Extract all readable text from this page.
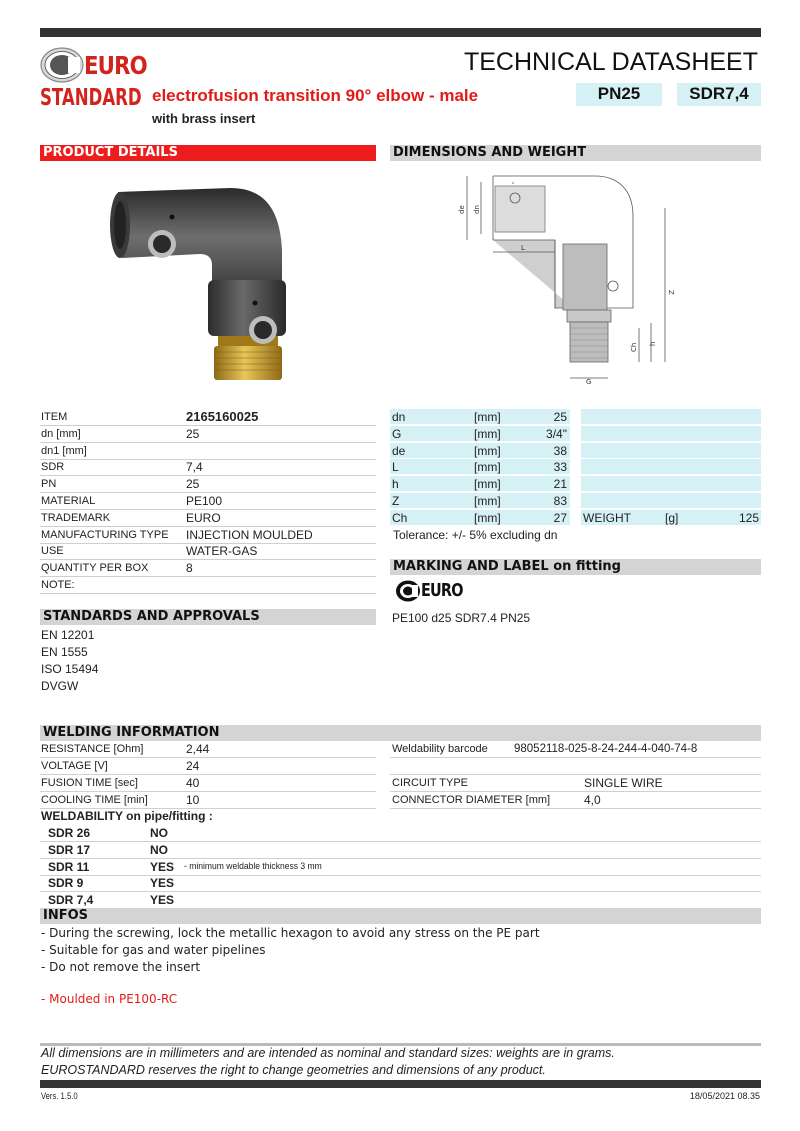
EURO
STANDARD
TECHNICAL DATASHEET
electrofusion transition 90° elbow - male
with brass insert
PN25	SDR7,4
PRODUCT DETAILS	DIMENSIONS AND WEIGHT
de dn
L
Z
h
Ch
G
ITEM	2165160025
dn [mm]	25
dn1 [mm]
SDR	7,4
PN	25
MATERIAL	PE100
TRADEMARK	EURO
MANUFACTURING TYPE INJECTION MOULDED
USE	WATER-GAS
QUANTITY PER BOX	8
NOTE:
dn	[mm]	25
G	[mm]	3/4"
de	[mm]	38
L	[mm]	33
h	[mm]	21
Z	[mm]	83
Ch	[mm]	27 WEIGHT	[g]	125
Tolerance: +/- 5% excluding dn
MARKING AND LABEL on fitting
EURO
PE100 d25 SDR7.4 PN25
STANDARDS AND APPROVALS
EN 12201
EN 1555
ISO 15494
DVGW
WELDING INFORMATION
RESISTANCE [Ohm]	2,44
VOLTAGE [V]	24
FUSION TIME [sec]	40
COOLING TIME [min]	10
Weldability barcode 98052118-025-8-24-244-4-040-74-8
CIRCUIT TYPE	SINGLE WIRE
CONNECTOR DIAMETER [mm]	4,0
WELDABILITY on pipe/fitting :
SDR 26	NO
SDR 17	NO
SDR 11	YES - minimum weldable thickness 3 mm
SDR 9	YES
SDR 7,4	YES
INFOS
- During the screwing, lock the metallic hexagon to avoid any stress on the PE part
- Suitable for gas and water pipelines
- Do not remove the insert
- Moulded in PE100-RC
All dimensions are in millimeters and are intended as nominal and standard sizes: weights are in grams.
EUROSTANDARD reserves the right to change geometries and dimensions of any product.
Vers. 1.5.0	18/05/2021 08.35
